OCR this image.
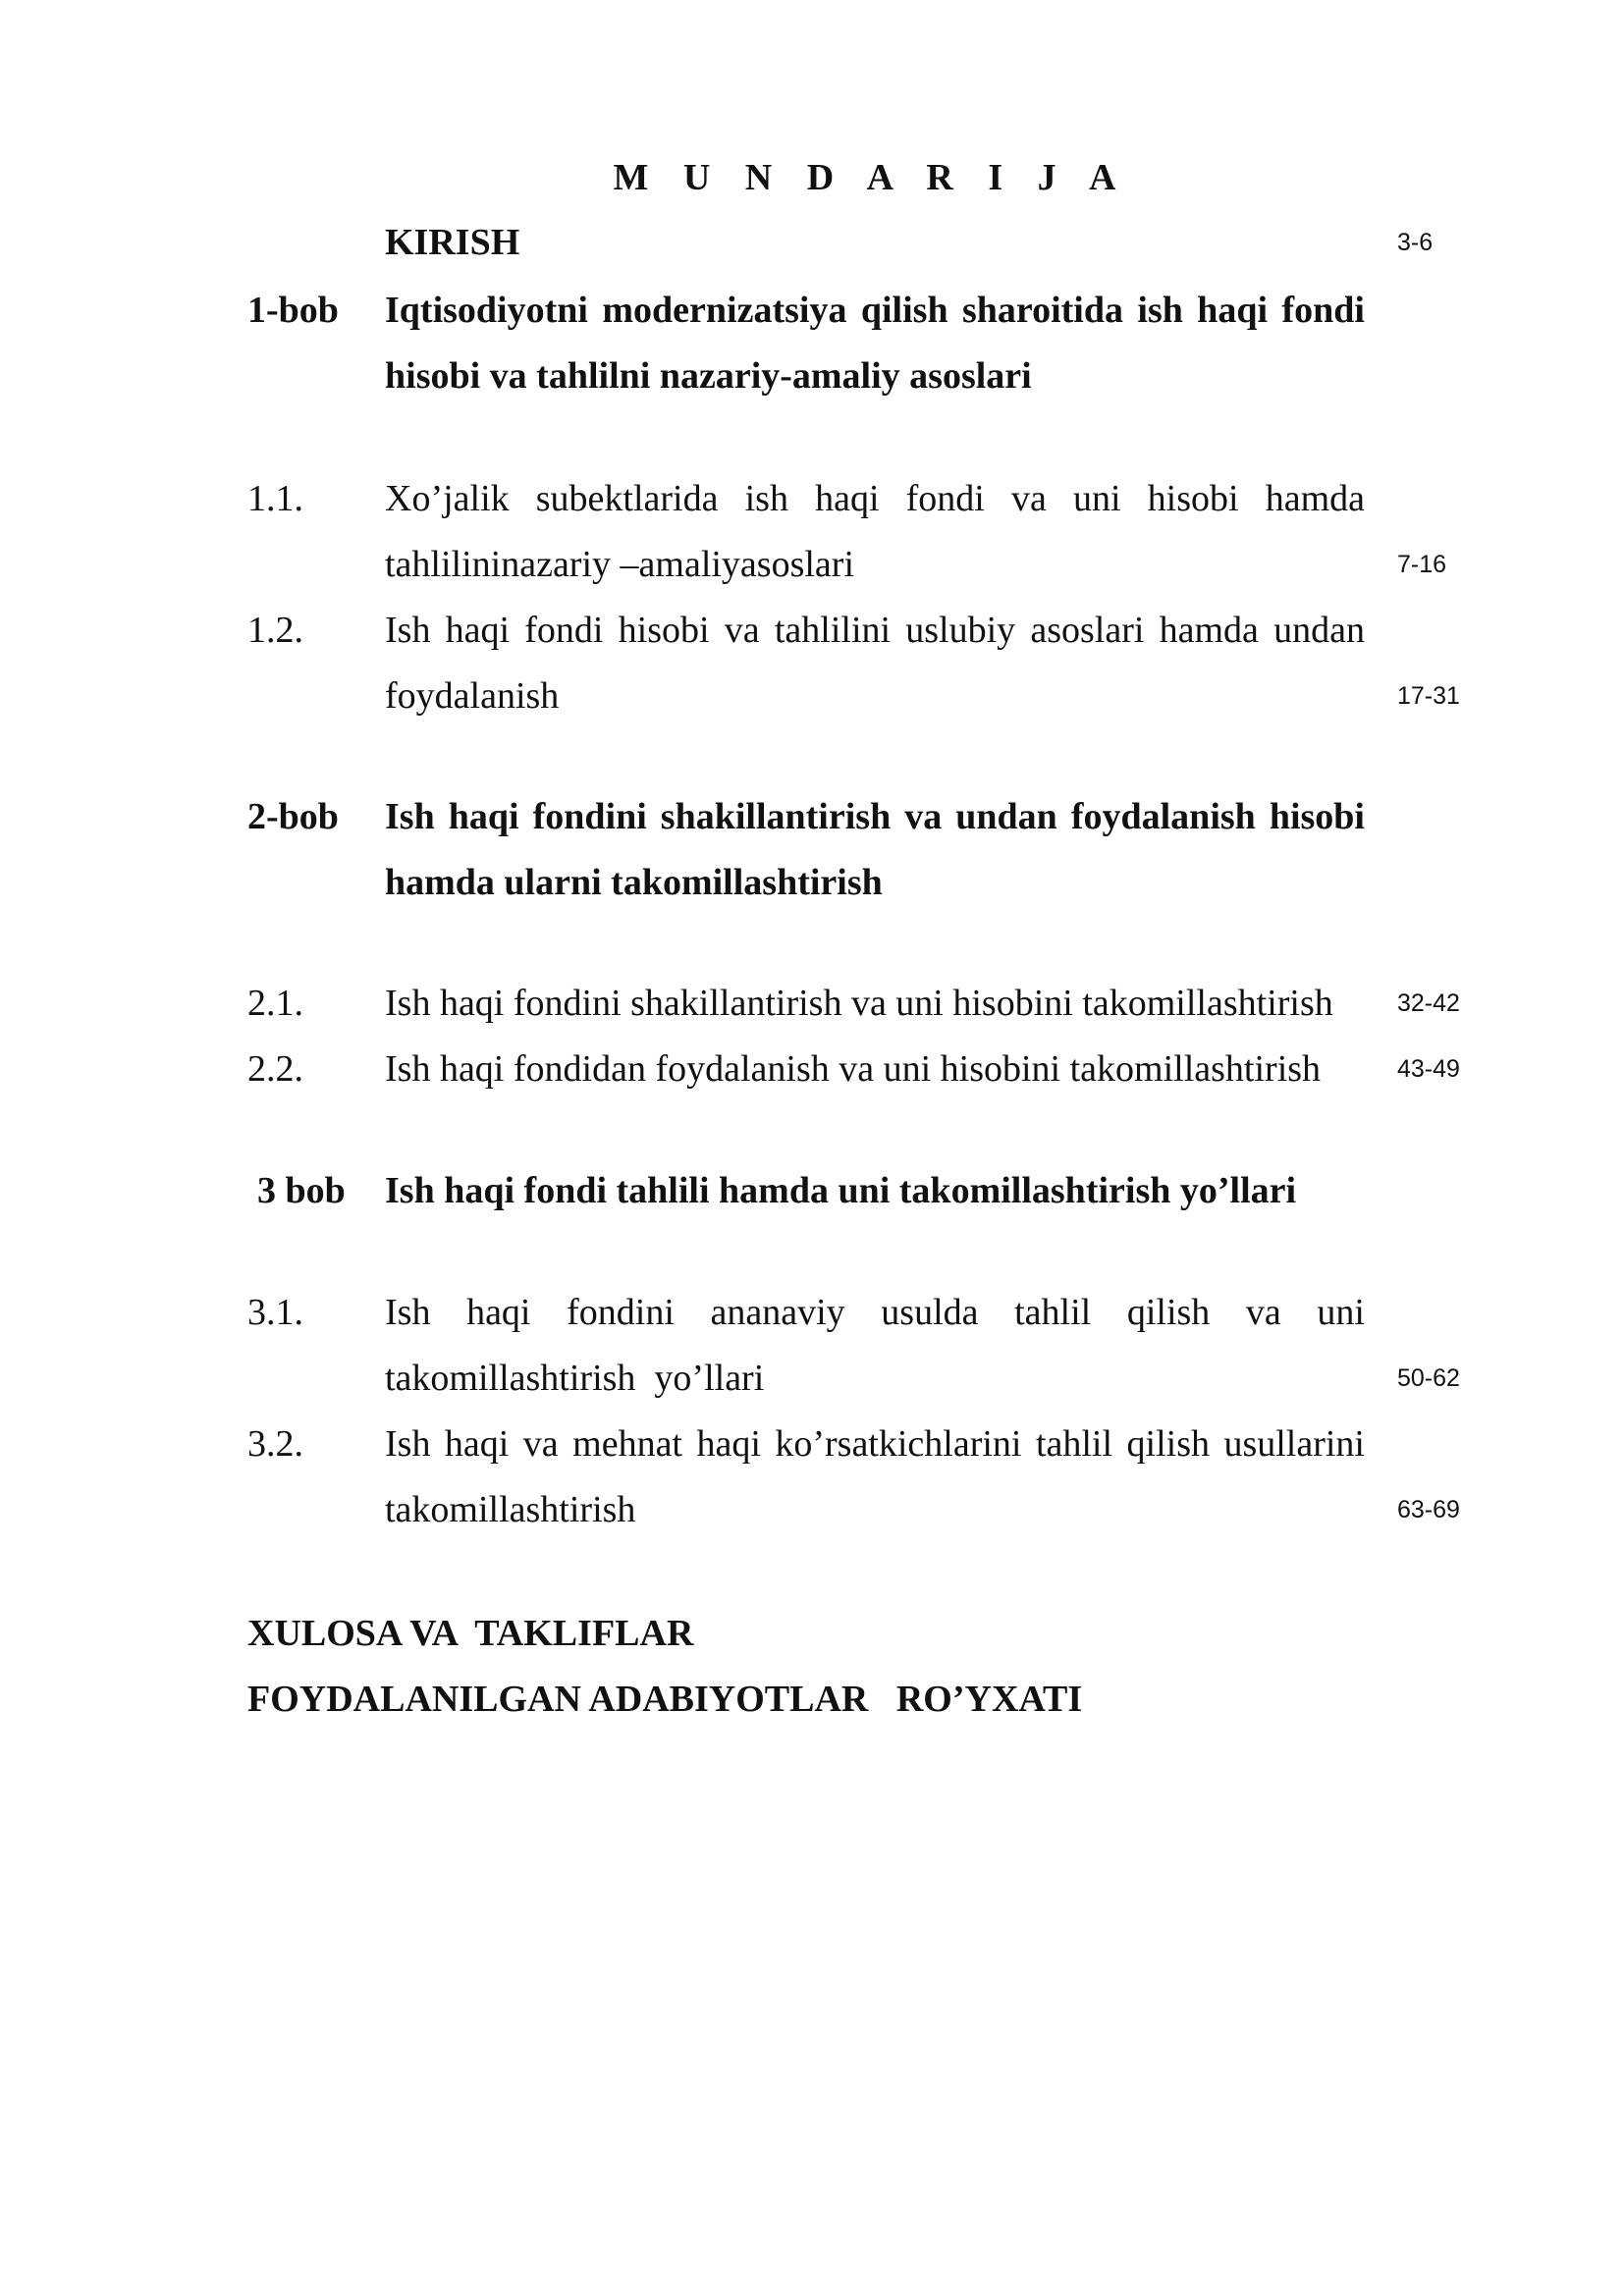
M U N D A R I J A
KIRISH	3-6
1-bob Iqtisodiyotni modernizatsiya qilish sharoitida ish haqi fondi
hisobi va tahlilni nazariy-amaliy asoslari
1.1. Xo’jalik subektlarida ish haqi fondi va uni hisobi hamda
tahlilininazariy –amaliyasoslari	7-16
1.2. Ish haqi fondi hisobi va tahlilini uslubiy asoslari hamda undan
foydalanish	17-31
2-bob Ish haqi fondini shakillantirish va undan foydalanish hisobi
hamda ularni takomillashtirish
2.1. Ish haqi fondini shakillantirish va uni hisobini takomillashtirish	32-42
2.2. Ish haqi fondidan foydalanish va uni hisobini takomillashtirish	43-49
3 bob Ish haqi fondi tahlili hamda uni takomillashtirish yo’llari
3.1. Ish haqi fondini ananaviy usulda tahlil qilish va uni
takomillashtirish  yo’llari	50-62
3.2. Ish haqi va mehnat haqi ko’rsatkichlarini tahlil qilish usullarini
takomillashtirish	63-69
XULOSA VA  TAKLIFLAR
FOYDALANILGAN ADABIYOTLAR   RO’YXATI
